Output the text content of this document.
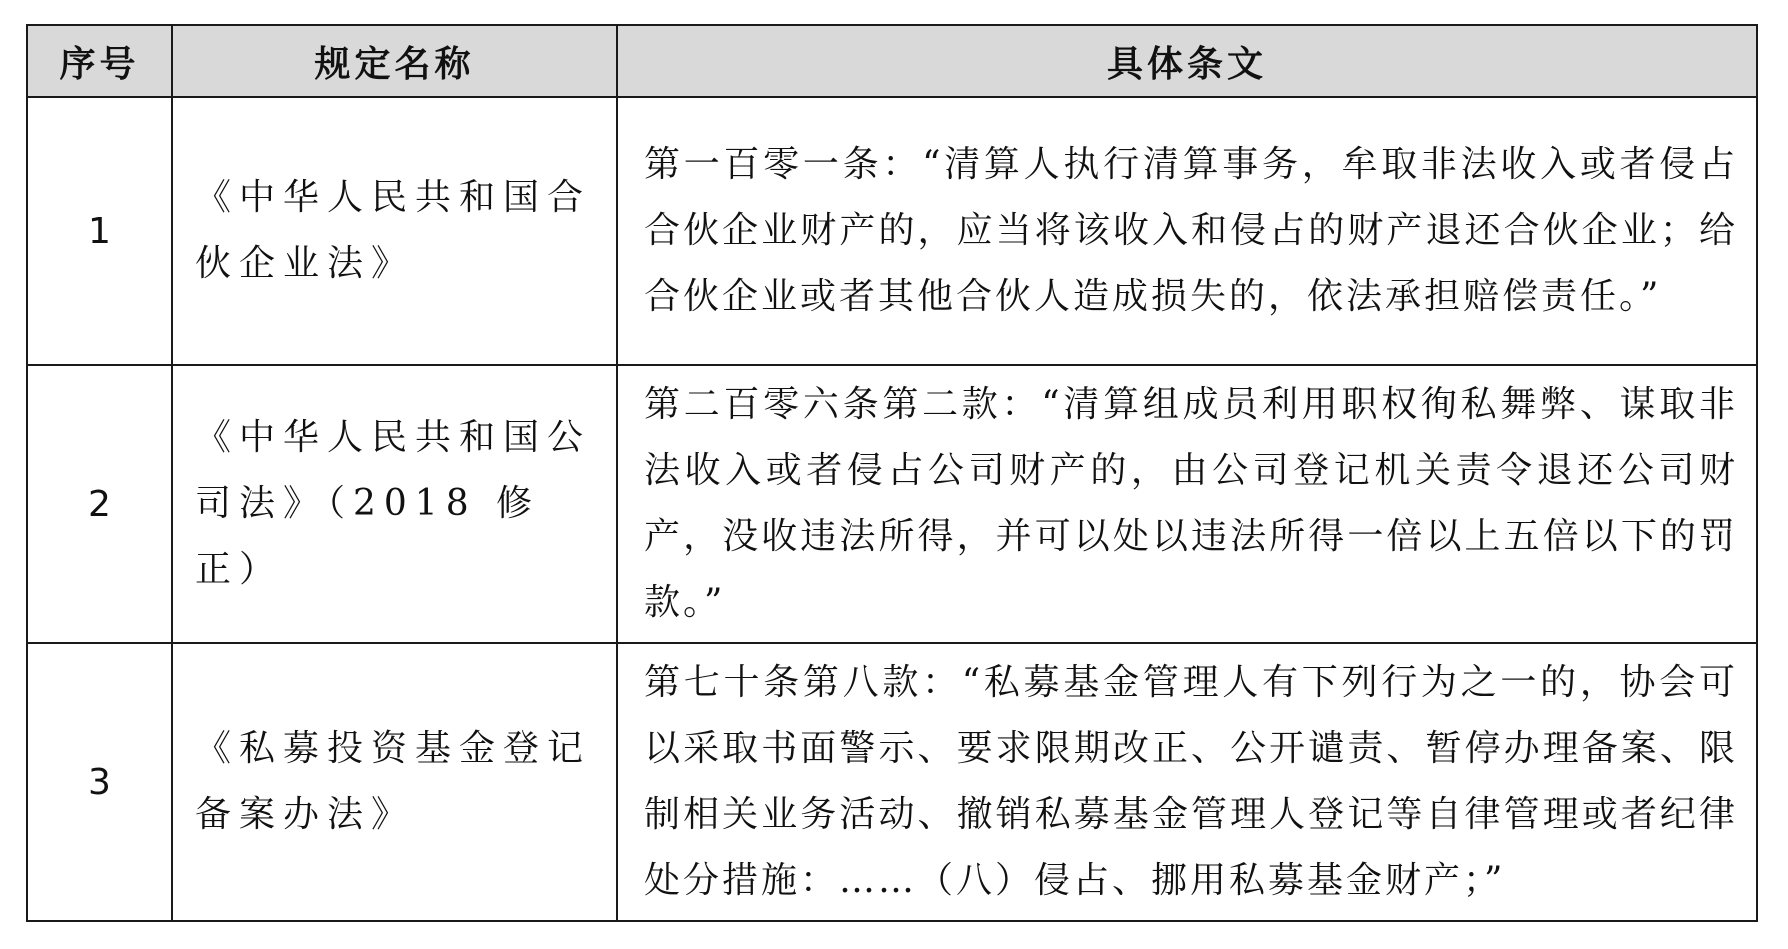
序号	规定名称	具体条文
1	《中华人民共和国合伙企业法》	第一百零一条：“清算人执行清算事务，牟取非法收入或者侵占合伙企业财产的，应当将该收入和侵占的财产退还合伙企业；给合伙企业或者其他合伙人造成损失的，依法承担赔偿责任。”
2	《中华人民共和国公司法》（2018 修正）	第二百零六条第二款：“清算组成员利用职权徇私舞弊、谋取非法收入或者侵占公司财产的，由公司登记机关责令退还公司财产，没收违法所得，并可以处以违法所得一倍以上五倍以下的罚款。”
3	《私募投资基金登记备案办法》	第七十条第八款：“私募基金管理人有下列行为之一的，协会可以采取书面警示、要求限期改正、公开谴责、暂停办理备案、限制相关业务活动、撤销私募基金管理人登记等自律管理或者纪律处分措施：……（八）侵占、挪用私募基金财产；”
